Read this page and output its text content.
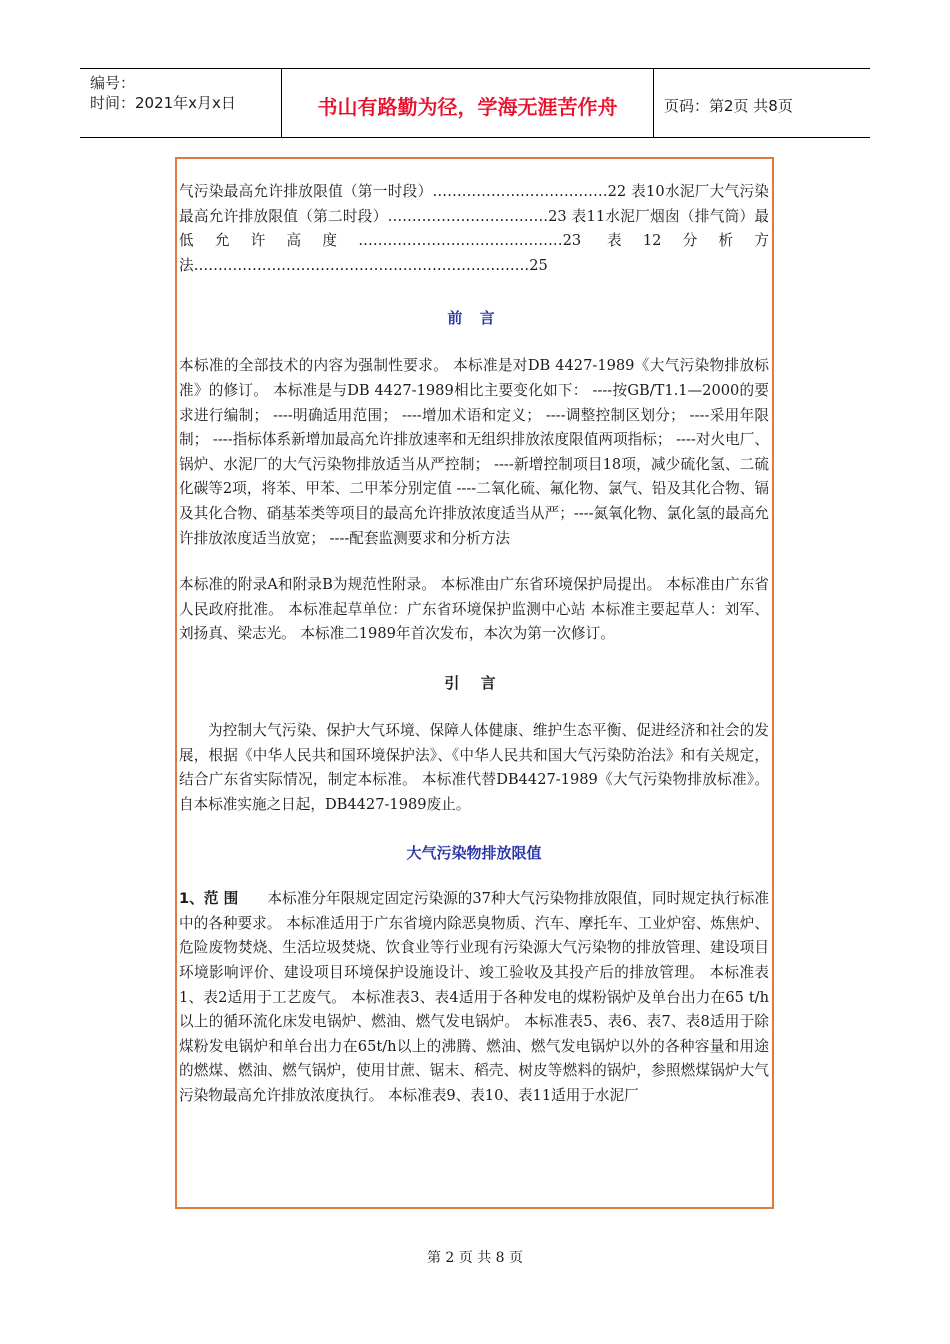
编号：
时间：2021年x月x日	书山有路勤为径，学海无涯苦作舟	页码：第2页 共8页

气污染最高允许排放限值（第一时段）………………………………22 表10水泥厂大气污染最高允许排放限值（第二时段）……………………………23 表11水泥厂烟囱（排气筒）最低允许高度……………………………………23 表12分析方法……………………………………………………………25

前 言

本标准的全部技术的内容为强制性要求。 本标准是对DB 4427-1989《大气污染物排放标准》的修订。 本标准是与DB 4427-1989相比主要变化如下： ----按GB/T1.1—2000的要求进行编制； ----明确适用范围； ----增加术语和定义； ----调整控制区划分； ----采用年限制； ----指标体系新增加最高允许排放速率和无组织排放浓度限值两项指标； ----对火电厂、锅炉、水泥厂的大气污染物排放适当从严控制； ----新增控制项目18项，减少硫化氢、二硫化碳等2项，将苯、甲苯、二甲苯分别定值 ----二氧化硫、氟化物、氯气、铅及其化合物、镉及其化合物、硝基苯类等项目的最高允许排放浓度适当从严；----氮氧化物、氯化氢的最高允许排放浓度适当放宽； ----配套监测要求和分析方法

本标准的附录A和附录B为规范性附录。 本标准由广东省环境保护局提出。 本标准由广东省人民政府批准。 本标准起草单位：广东省环境保护监测中心站 本标准主要起草人：刘军、刘扬真、梁志光。 本标准二1989年首次发布，本次为第一次修订。

引 言

为控制大气污染、保护大气环境、保障人体健康、维护生态平衡、促进经济和社会的发展，根据《中华人民共和国环境保护法》、《中华人民共和国大气污染防治法》和有关规定，结合广东省实际情况，制定本标准。 本标准代替DB4427-1989《大气污染物排放标准》。 自本标准实施之日起，DB4427-1989废止。

大气污染物排放限值

1、范 围   本标准分年限规定固定污染源的37种大气污染物排放限值，同时规定执行标准中的各种要求。 本标准适用于广东省境内除恶臭物质、汽车、摩托车、工业炉窑、炼焦炉、危险废物焚烧、生活垃圾焚烧、饮食业等行业现有污染源大气污染物的排放管理、建设项目环境影响评价、建设项目环境保护设施设计、竣工验收及其投产后的排放管理。 本标准表1、表2适用于工艺废气。 本标准表3、表4适用于各种发电的煤粉锅炉及单台出力在65 t/h以上的循环流化床发电锅炉、燃油、燃气发电锅炉。 本标准表5、表6、表7、表8适用于除煤粉发电锅炉和单台出力在65t/h以上的沸腾、燃油、燃气发电锅炉以外的各种容量和用途的燃煤、燃油、燃气锅炉，使用甘蔗、锯末、稻壳、树皮等燃料的锅炉，参照燃煤锅炉大气污染物最高允许排放浓度执行。 本标准表9、表10、表11适用于水泥厂

第 2 页 共 8 页
